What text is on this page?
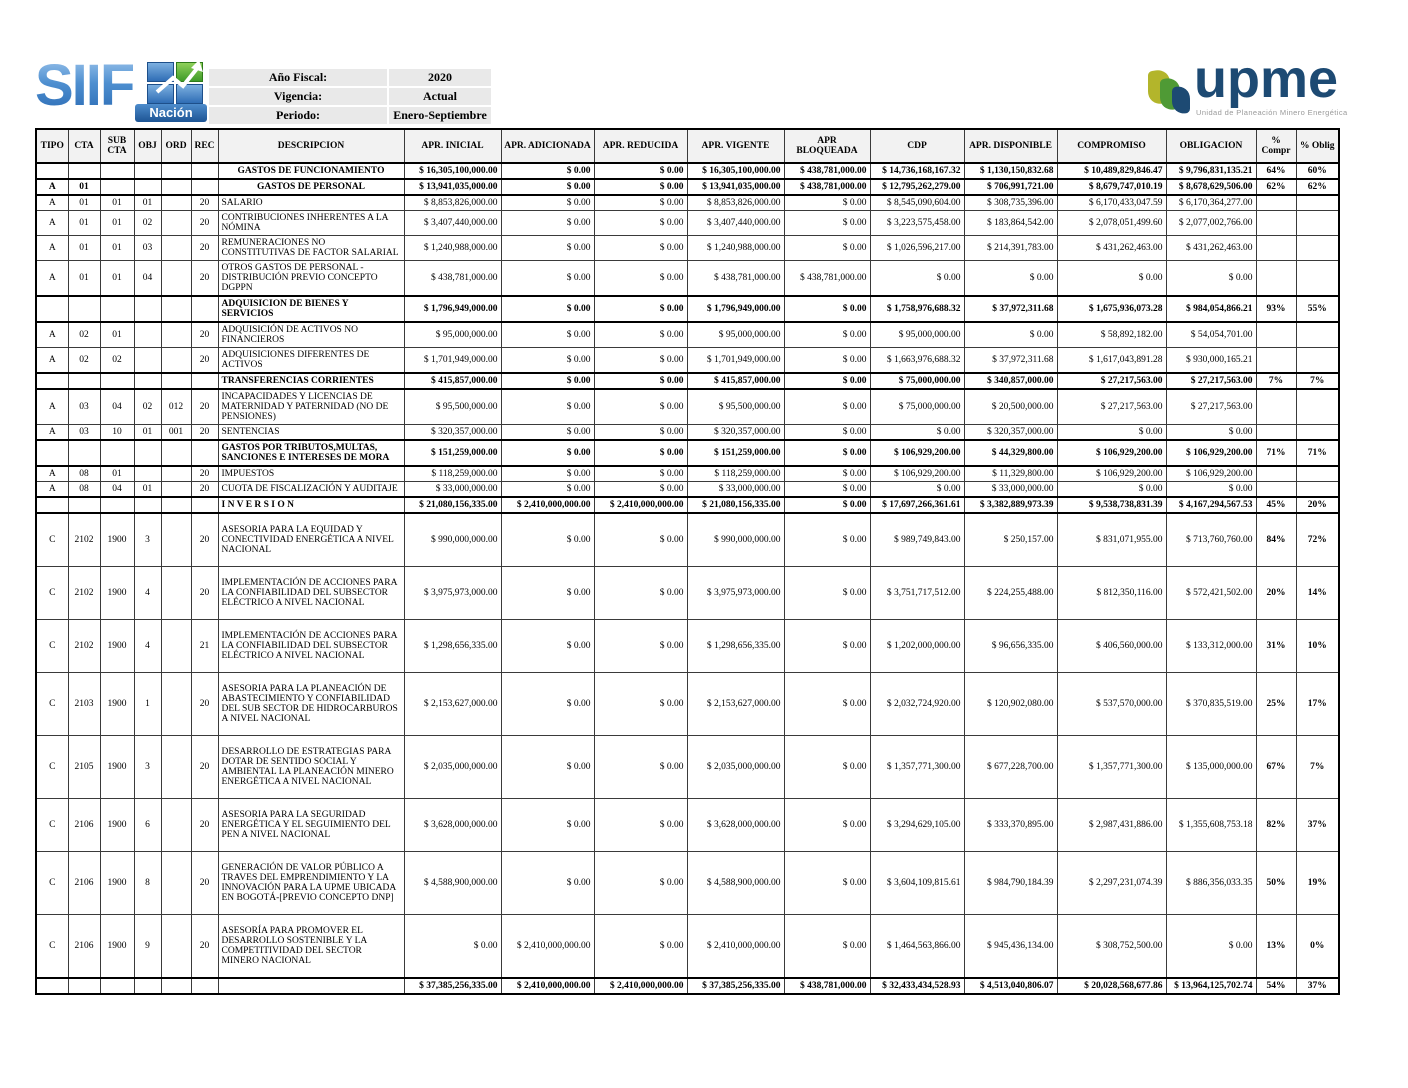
SIIF	Nación
Año Fiscal:	2020
Vigencia:	Actual
Periodo:	Enero-Septiembre
upme
Unidad de Planeación Minero Energética
TIPO	CTA	SUB CTA	OBJ	ORD	REC	DESCRIPCION	APR. INICIAL	APR. ADICIONADA	APR. REDUCIDA	APR. VIGENTE	APR BLOQUEADA	CDP	APR. DISPONIBLE	COMPROMISO	OBLIGACION	% Compr	% Oblig
						GASTOS DE FUNCIONAMIENTO	$ 16,305,100,000.00	$ 0.00	$ 0.00	$ 16,305,100,000.00	$ 438,781,000.00	$ 14,736,168,167.32	$ 1,130,150,832.68	$ 10,489,829,846.47	$ 9,796,831,135.21	64%	60%
A	01					GASTOS DE PERSONAL	$ 13,941,035,000.00	$ 0.00	$ 0.00	$ 13,941,035,000.00	$ 438,781,000.00	$ 12,795,262,279.00	$ 706,991,721.00	$ 8,679,747,010.19	$ 8,678,629,506.00	62%	62%
A	01	01	01		20	SALARIO	$ 8,853,826,000.00	$ 0.00	$ 0.00	$ 8,853,826,000.00	$ 0.00	$ 8,545,090,604.00	$ 308,735,396.00	$ 6,170,433,047.59	$ 6,170,364,277.00		
A	01	01	02		20	CONTRIBUCIONES INHERENTES A LA NÓMINA	$ 3,407,440,000.00	$ 0.00	$ 0.00	$ 3,407,440,000.00	$ 0.00	$ 3,223,575,458.00	$ 183,864,542.00	$ 2,078,051,499.60	$ 2,077,002,766.00		
A	01	01	03		20	REMUNERACIONES NO CONSTITUTIVAS DE FACTOR SALARIAL	$ 1,240,988,000.00	$ 0.00	$ 0.00	$ 1,240,988,000.00	$ 0.00	$ 1,026,596,217.00	$ 214,391,783.00	$ 431,262,463.00	$ 431,262,463.00		
A	01	01	04		20	OTROS GASTOS DE PERSONAL - DISTRIBUCIÓN PREVIO CONCEPTO DGPPN	$ 438,781,000.00	$ 0.00	$ 0.00	$ 438,781,000.00	$ 438,781,000.00	$ 0.00	$ 0.00	$ 0.00	$ 0.00		
						ADQUISICION DE BIENES Y SERVICIOS	$ 1,796,949,000.00	$ 0.00	$ 0.00	$ 1,796,949,000.00	$ 0.00	$ 1,758,976,688.32	$ 37,972,311.68	$ 1,675,936,073.28	$ 984,054,866.21	93%	55%
A	02	01			20	ADQUISICIÓN DE ACTIVOS NO FINANCIEROS	$ 95,000,000.00	$ 0.00	$ 0.00	$ 95,000,000.00	$ 0.00	$ 95,000,000.00	$ 0.00	$ 58,892,182.00	$ 54,054,701.00		
A	02	02			20	ADQUISICIONES DIFERENTES DE ACTIVOS	$ 1,701,949,000.00	$ 0.00	$ 0.00	$ 1,701,949,000.00	$ 0.00	$ 1,663,976,688.32	$ 37,972,311.68	$ 1,617,043,891.28	$ 930,000,165.21		
						TRANSFERENCIAS CORRIENTES	$ 415,857,000.00	$ 0.00	$ 0.00	$ 415,857,000.00	$ 0.00	$ 75,000,000.00	$ 340,857,000.00	$ 27,217,563.00	$ 27,217,563.00	7%	7%
A	03	04	02	012	20	INCAPACIDADES Y LICENCIAS DE MATERNIDAD Y PATERNIDAD (NO DE PENSIONES)	$ 95,500,000.00	$ 0.00	$ 0.00	$ 95,500,000.00	$ 0.00	$ 75,000,000.00	$ 20,500,000.00	$ 27,217,563.00	$ 27,217,563.00		
A	03	10	01	001	20	SENTENCIAS	$ 320,357,000.00	$ 0.00	$ 0.00	$ 320,357,000.00	$ 0.00	$ 0.00	$ 320,357,000.00	$ 0.00	$ 0.00		
						GASTOS POR TRIBUTOS,MULTAS, SANCIONES E INTERESES DE MORA	$ 151,259,000.00	$ 0.00	$ 0.00	$ 151,259,000.00	$ 0.00	$ 106,929,200.00	$ 44,329,800.00	$ 106,929,200.00	$ 106,929,200.00	71%	71%
A	08	01			20	IMPUESTOS	$ 118,259,000.00	$ 0.00	$ 0.00	$ 118,259,000.00	$ 0.00	$ 106,929,200.00	$ 11,329,800.00	$ 106,929,200.00	$ 106,929,200.00		
A	08	04	01		20	CUOTA DE FISCALIZACIÓN Y AUDITAJE	$ 33,000,000.00	$ 0.00	$ 0.00	$ 33,000,000.00	$ 0.00	$ 0.00	$ 33,000,000.00	$ 0.00	$ 0.00		
						I N V E R S I O N	$ 21,080,156,335.00	$ 2,410,000,000.00	$ 2,410,000,000.00	$ 21,080,156,335.00	$ 0.00	$ 17,697,266,361.61	$ 3,382,889,973.39	$ 9,538,738,831.39	$ 4,167,294,567.53	45%	20%
C	2102	1900	3		20	ASESORIA PARA LA EQUIDAD Y CONECTIVIDAD ENERGÉTICA A NIVEL NACIONAL	$ 990,000,000.00	$ 0.00	$ 0.00	$ 990,000,000.00	$ 0.00	$ 989,749,843.00	$ 250,157.00	$ 831,071,955.00	$ 713,760,760.00	84%	72%
C	2102	1900	4		20	IMPLEMENTACIÓN DE ACCIONES PARA LA CONFIABILIDAD DEL SUBSECTOR ELÉCTRICO A NIVEL NACIONAL	$ 3,975,973,000.00	$ 0.00	$ 0.00	$ 3,975,973,000.00	$ 0.00	$ 3,751,717,512.00	$ 224,255,488.00	$ 812,350,116.00	$ 572,421,502.00	20%	14%
C	2102	1900	4		21	IMPLEMENTACIÓN DE ACCIONES PARA LA CONFIABILIDAD DEL SUBSECTOR ELÉCTRICO A NIVEL NACIONAL	$ 1,298,656,335.00	$ 0.00	$ 0.00	$ 1,298,656,335.00	$ 0.00	$ 1,202,000,000.00	$ 96,656,335.00	$ 406,560,000.00	$ 133,312,000.00	31%	10%
C	2103	1900	1		20	ASESORIA PARA LA PLANEACIÓN DE ABASTECIMIENTO Y CONFIABILIDAD DEL SUB SECTOR DE HIDROCARBUROS A NIVEL NACIONAL	$ 2,153,627,000.00	$ 0.00	$ 0.00	$ 2,153,627,000.00	$ 0.00	$ 2,032,724,920.00	$ 120,902,080.00	$ 537,570,000.00	$ 370,835,519.00	25%	17%
C	2105	1900	3		20	DESARROLLO DE ESTRATEGIAS PARA DOTAR DE SENTIDO SOCIAL Y AMBIENTAL LA PLANEACIÓN MINERO ENERGÉTICA A NIVEL NACIONAL	$ 2,035,000,000.00	$ 0.00	$ 0.00	$ 2,035,000,000.00	$ 0.00	$ 1,357,771,300.00	$ 677,228,700.00	$ 1,357,771,300.00	$ 135,000,000.00	67%	7%
C	2106	1900	6		20	ASESORIA PARA LA SEGURIDAD ENERGÉTICA Y EL SEGUIMIENTO DEL PEN A NIVEL NACIONAL	$ 3,628,000,000.00	$ 0.00	$ 0.00	$ 3,628,000,000.00	$ 0.00	$ 3,294,629,105.00	$ 333,370,895.00	$ 2,987,431,886.00	$ 1,355,608,753.18	82%	37%
C	2106	1900	8		20	GENERACIÓN DE VALOR PÚBLICO A TRAVES DEL EMPRENDIMIENTO Y LA INNOVACIÓN PARA LA UPME UBICADA EN BOGOTÁ-[PREVIO CONCEPTO DNP]	$ 4,588,900,000.00	$ 0.00	$ 0.00	$ 4,588,900,000.00	$ 0.00	$ 3,604,109,815.61	$ 984,790,184.39	$ 2,297,231,074.39	$ 886,356,033.35	50%	19%
C	2106	1900	9		20	ASESORÍA PARA PROMOVER EL DESARROLLO SOSTENIBLE Y LA COMPETITIVIDAD DEL SECTOR MINERO NACIONAL	$ 0.00	$ 2,410,000,000.00	$ 0.00	$ 2,410,000,000.00	$ 0.00	$ 1,464,563,866.00	$ 945,436,134.00	$ 308,752,500.00	$ 0.00	13%	0%
							$ 37,385,256,335.00	$ 2,410,000,000.00	$ 2,410,000,000.00	$ 37,385,256,335.00	$ 438,781,000.00	$ 32,433,434,528.93	$ 4,513,040,806.07	$ 20,028,568,677.86	$ 13,964,125,702.74	54%	37%
